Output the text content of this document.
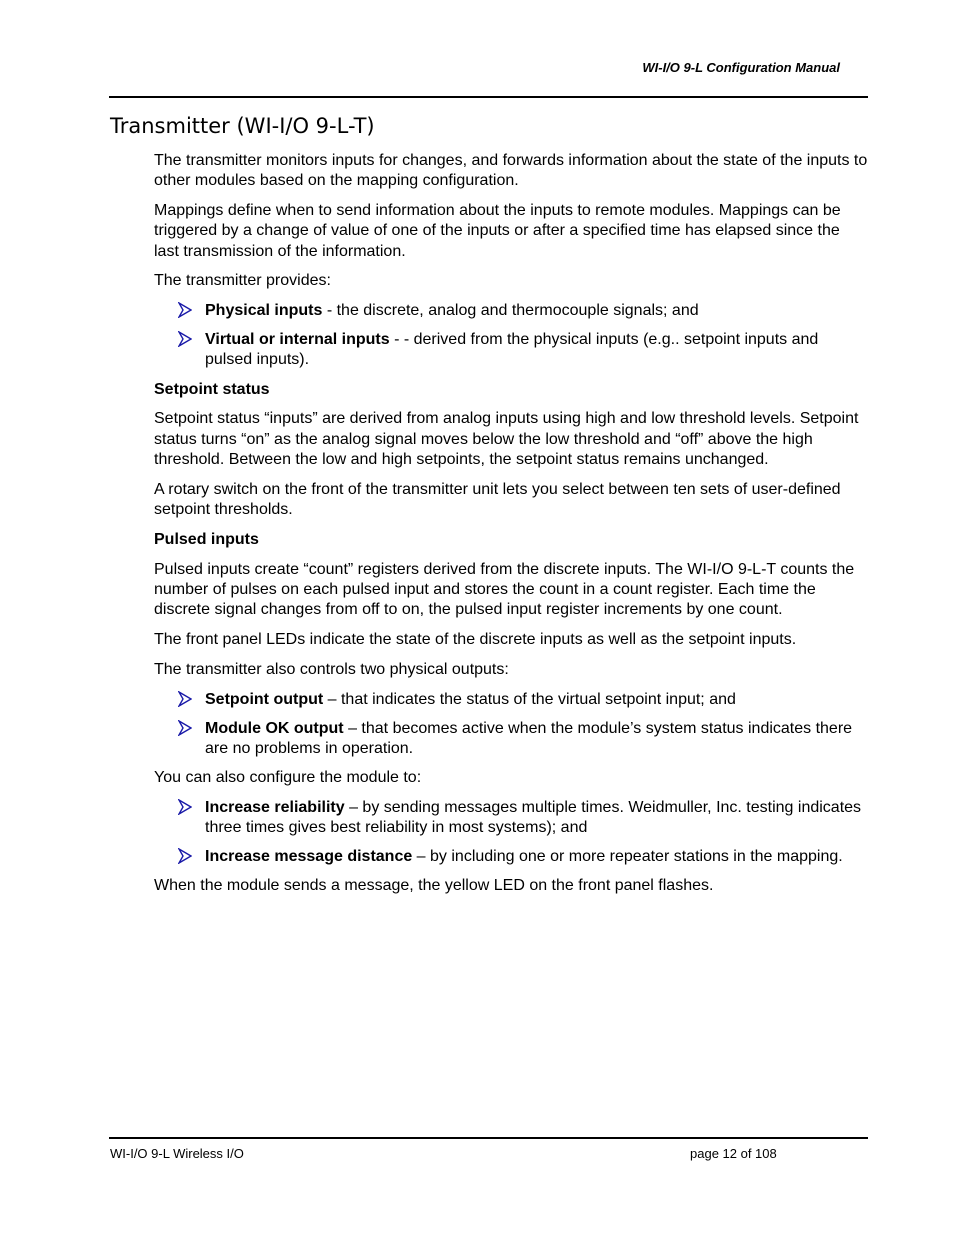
WI-I/O 9-L Configuration Manual
Transmitter (WI-I/O 9-L-T)

The transmitter monitors inputs for changes, and forwards information about the state of the inputs to other modules based on the mapping configuration.

Mappings define when to send information about the inputs to remote modules. Mappings can be triggered by a change of value of one of the inputs or after a specified time has elapsed since the last transmission of the information.

The transmitter provides:

Physical inputs - the discrete, analog and thermocouple signals; and
Virtual or internal inputs - - derived from the physical inputs (e.g.. setpoint inputs and pulsed inputs).
Setpoint status

Setpoint status “inputs” are derived from analog inputs using high and low threshold levels. Setpoint status turns “on” as the analog signal moves below the low threshold and “off” above the high threshold. Between the low and high setpoints, the setpoint status remains unchanged.

A rotary switch on the front of the transmitter unit lets you select between ten sets of user-defined setpoint thresholds.

Pulsed inputs

Pulsed inputs create “count” registers derived from the discrete inputs. The WI-I/O 9-L-T counts the number of pulses on each pulsed input and stores the count in a count register. Each time the discrete signal changes from off to on, the pulsed input register increments by one count.

The front panel LEDs indicate the state of the discrete inputs as well as the setpoint inputs.

The transmitter also controls two physical outputs:

Setpoint output – that indicates the status of the virtual setpoint input; and
Module OK output – that becomes active when the module’s system status indicates there are no problems in operation.

You can also configure the module to:

Increase reliability – by sending messages multiple times. Weidmuller, Inc. testing indicates three times gives best reliability in most systems); and
Increase message distance – by including one or more repeater stations in the mapping.

When the module sends a message, the yellow LED on the front panel flashes.

WI-I/O 9-L Wireless I/O	page 12 of 108
